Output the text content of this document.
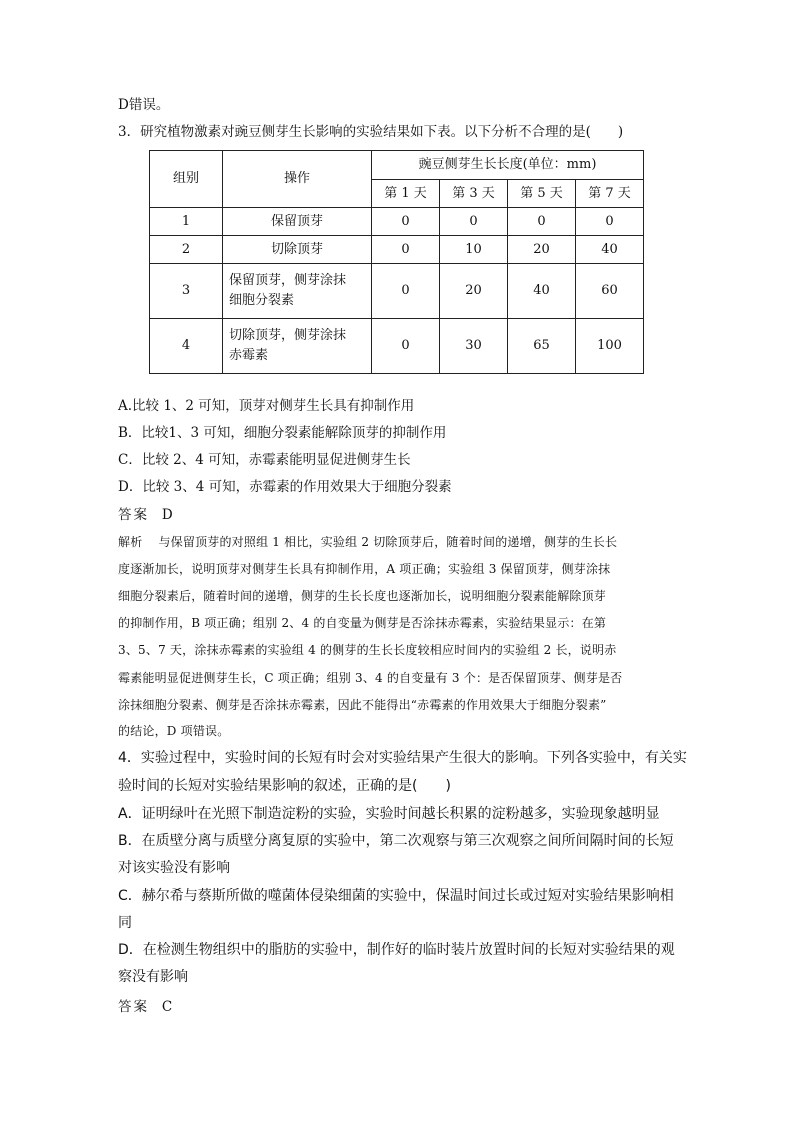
D错误。
3．研究植物激素对豌豆侧芽生长影响的实验结果如下表。以下分析不合理的是(　　)
组别	操作	豌豆侧芽生长长度(单位：mm)			
		第 1 天	第 3 天	第 5 天	第 7 天
1	保留顶芽	0	0	0	0
2	切除顶芽	0	10	20	40
3	保留顶芽，侧芽涂抹
细胞分裂素	0	20	40	60
4	切除顶芽，侧芽涂抹
赤霉素	0	30	65	100
A.比较 1、2 可知，顶芽对侧芽生长具有抑制作用
B．比较1、3 可知，细胞分裂素能解除顶芽的抑制作用
C．比较 2、4 可知，赤霉素能明显促进侧芽生长
D．比较 3、4 可知，赤霉素的作用效果大于细胞分裂素
答案 D
解析 与保留顶芽的对照组 1 相比，实验组 2 切除顶芽后，随着时间的递增，侧芽的生长长
度逐渐加长，说明顶芽对侧芽生长具有抑制作用，A 项正确；实验组 3 保留顶芽，侧芽涂抹
细胞分裂素后，随着时间的递增，侧芽的生长长度也逐渐加长，说明细胞分裂素能解除顶芽
的抑制作用，B 项正确；组别 2、4 的自变量为侧芽是否涂抹赤霉素，实验结果显示：在第
3、5、7 天，涂抹赤霉素的实验组 4 的侧芽的生长长度较相应时间内的实验组 2 长，说明赤
霉素能明显促进侧芽生长，C 项正确；组别 3、4 的自变量有 3 个：是否保留顶芽、侧芽是否
涂抹细胞分裂素、侧芽是否涂抹赤霉素，因此不能得出“赤霉素的作用效果大于细胞分裂素”
的结论，D 项错误。
4．实验过程中，实验时间的长短有时会对实验结果产生很大的影响。下列各实验中，有关实
验时间的长短对实验结果影响的叙述，正确的是(　　)
A．证明绿叶在光照下制造淀粉的实验，实验时间越长积累的淀粉越多，实验现象越明显
B．在质壁分离与质壁分离复原的实验中，第二次观察与第三次观察之间所间隔时间的长短
对该实验没有影响
C．赫尔希与蔡斯所做的噬菌体侵染细菌的实验中，保温时间过长或过短对实验结果影响相
同
D．在检测生物组织中的脂肪的实验中，制作好的临时装片放置时间的长短对实验结果的观
察没有影响
答案 C
